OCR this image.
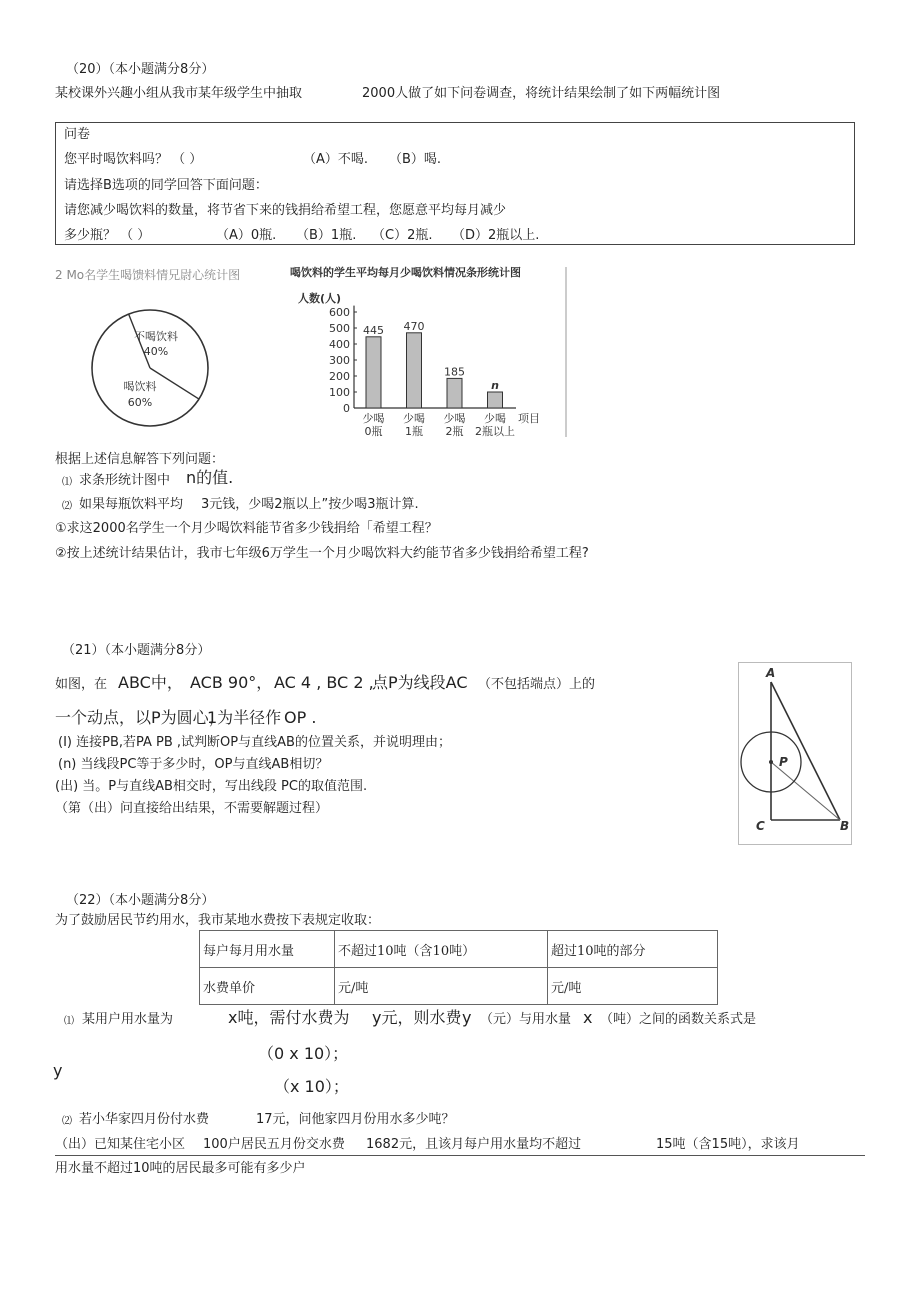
（20）（本小题满分8分）
某校课外兴趣小组从我市某年级学生中抽取	2000人做了如下问卷调查，将统计结果绘制了如下两幅统计图
问卷
您平时喝饮料吗？ （ ）	（A）不喝. （B）喝.
请选择B选项的同学回答下面问题：
请您减少喝饮料的数量，将节省下来的钱捐给希望工程，您愿意平均每月减少
多少瓶？ （ ）	（A）0瓶. （B）1瓶. （C）2瓶. （D）2瓶以上.
2 Mo名学生喝馈料情兄尉心统计图
不喝饮料
40%
喝饮料
60%
喝饮料的学生平均每月少喝饮料情况条形统计图
人数(人)
项目
0
100
200
300
400
500
600
445 470
185
n
少喝
0瓶
少喝
1瓶
少喝
2瓶
少喝
2瓶以上
根据上述信息解答下列问题：
⑴ 求条形统计图中 n的值.
⑵ 如果每瓶饮料平均 3元钱，少喝2瓶以上”按少喝3瓶计算.
①求这2000名学生一个月少喝饮料能节省多少钱捐给「希望工程？
②按上述统计结果估计，我市七年级6万学生一个月少喝饮料大约能节省多少钱捐给希望工程?
（21）（本小题满分8分）
如图，在 ABC中， ACB 90°， AC 4 , BC 2 ,
点P为线段AC （不包括端点）上的
一个动点，以P为圆心，
1为半径作 OP .
(I) 连接PB,若PA PB ,试判断OP与直线AB的位置关系，并说明理由；
(n) 当线段PC等于多少时，OP与直线AB相切？
(出) 当。P与直线AB相交时，写出线段 PC的取值范围.
（第（出）问直接给出结果，不需要解题过程）
A
P
C	B
（22）（本小题满分8分）
为了鼓励居民节约用水，我市某地水费按下表规定收取：
每户每月用水量	不超过10吨（含10吨）	超过10吨的部分
水费单价	元/吨	元/吨
⑴ 某用户用水量为	x吨，需付水费为 y元，则水费 y （元）与用水量 x （吨）之间的函数关系式是
（0 x 10）；
y
（x 10）；
⑵ 若小华家四月份付水费	17元，问他家四月份用水多少吨？
（出）已知某住宅小区 100户居民五月份交水费 1682元，且该月每户用水量均不超过	15吨（含15吨），求该月
用水量不超过10吨的居民最多可能有多少户
